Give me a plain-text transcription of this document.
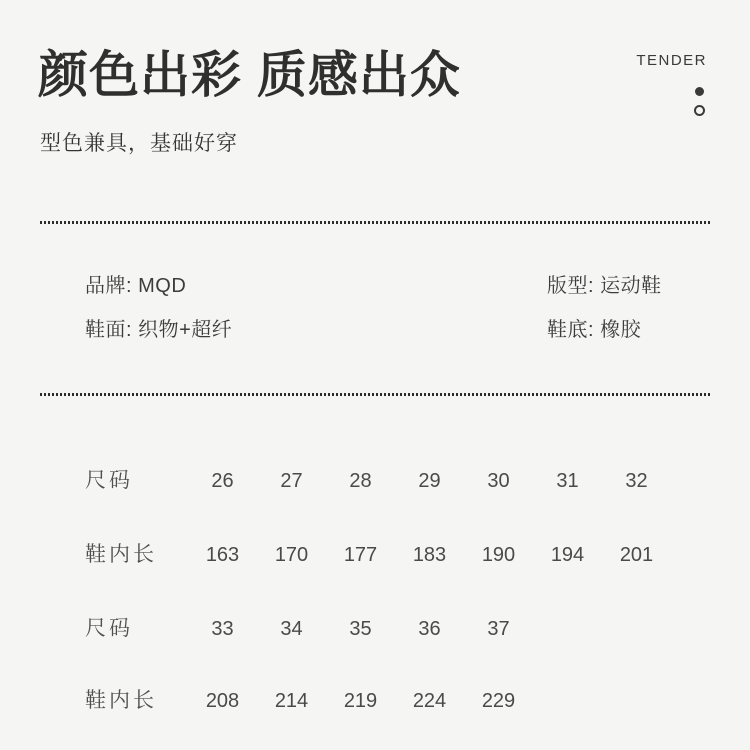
颜色出彩 质感出众	TENDER

型色兼具，基础好穿

品牌: MQD	版型: 运动鞋
鞋面: 织物+超纤	鞋底: 橡胶
尺码	26	27	28	29	30	31	32
鞋内长	163	170	177	183	190	194	201
尺码	33	34	35	36	37
鞋内长	208	214	219	224	229
